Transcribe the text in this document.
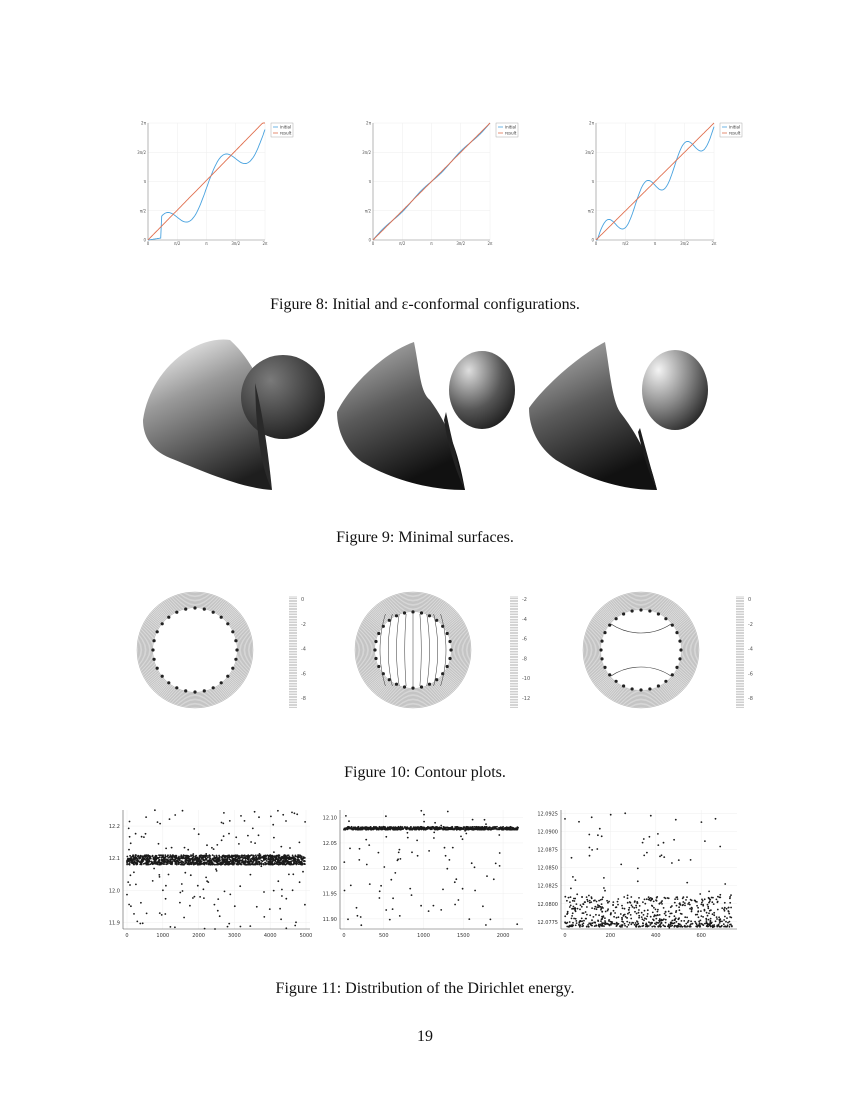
0	π/2	π	3π/2	2π
0
π/2
π
3π/2
2π
initial
result
0	π/2	π	3π/2	2π
0
π/2
π
3π/2
2π
initial
result
0	π/2	π	3π/2	2π
0
π/2
π
3π/2
2π
initial
result
Figure 8: Initial and ε-conformal configurations.
Figure 9: Minimal surfaces.
0
-2
-4
-6
-8
-2
-4
-6
-8
-10
-12
0
-2
-4
-6
-8
Figure 10: Contour plots.
0	1000	2000	3000	4000	5000
12.2
12.1
12.0
11.9
0	500	1000	1500	2000
12.10
12.05
12.00
11.95
11.90
0	200	400	600
12.0925
12.0900
12.0875
12.0850
12.0825
12.0800
12.0775
Figure 11: Distribution of the Dirichlet energy.
19
